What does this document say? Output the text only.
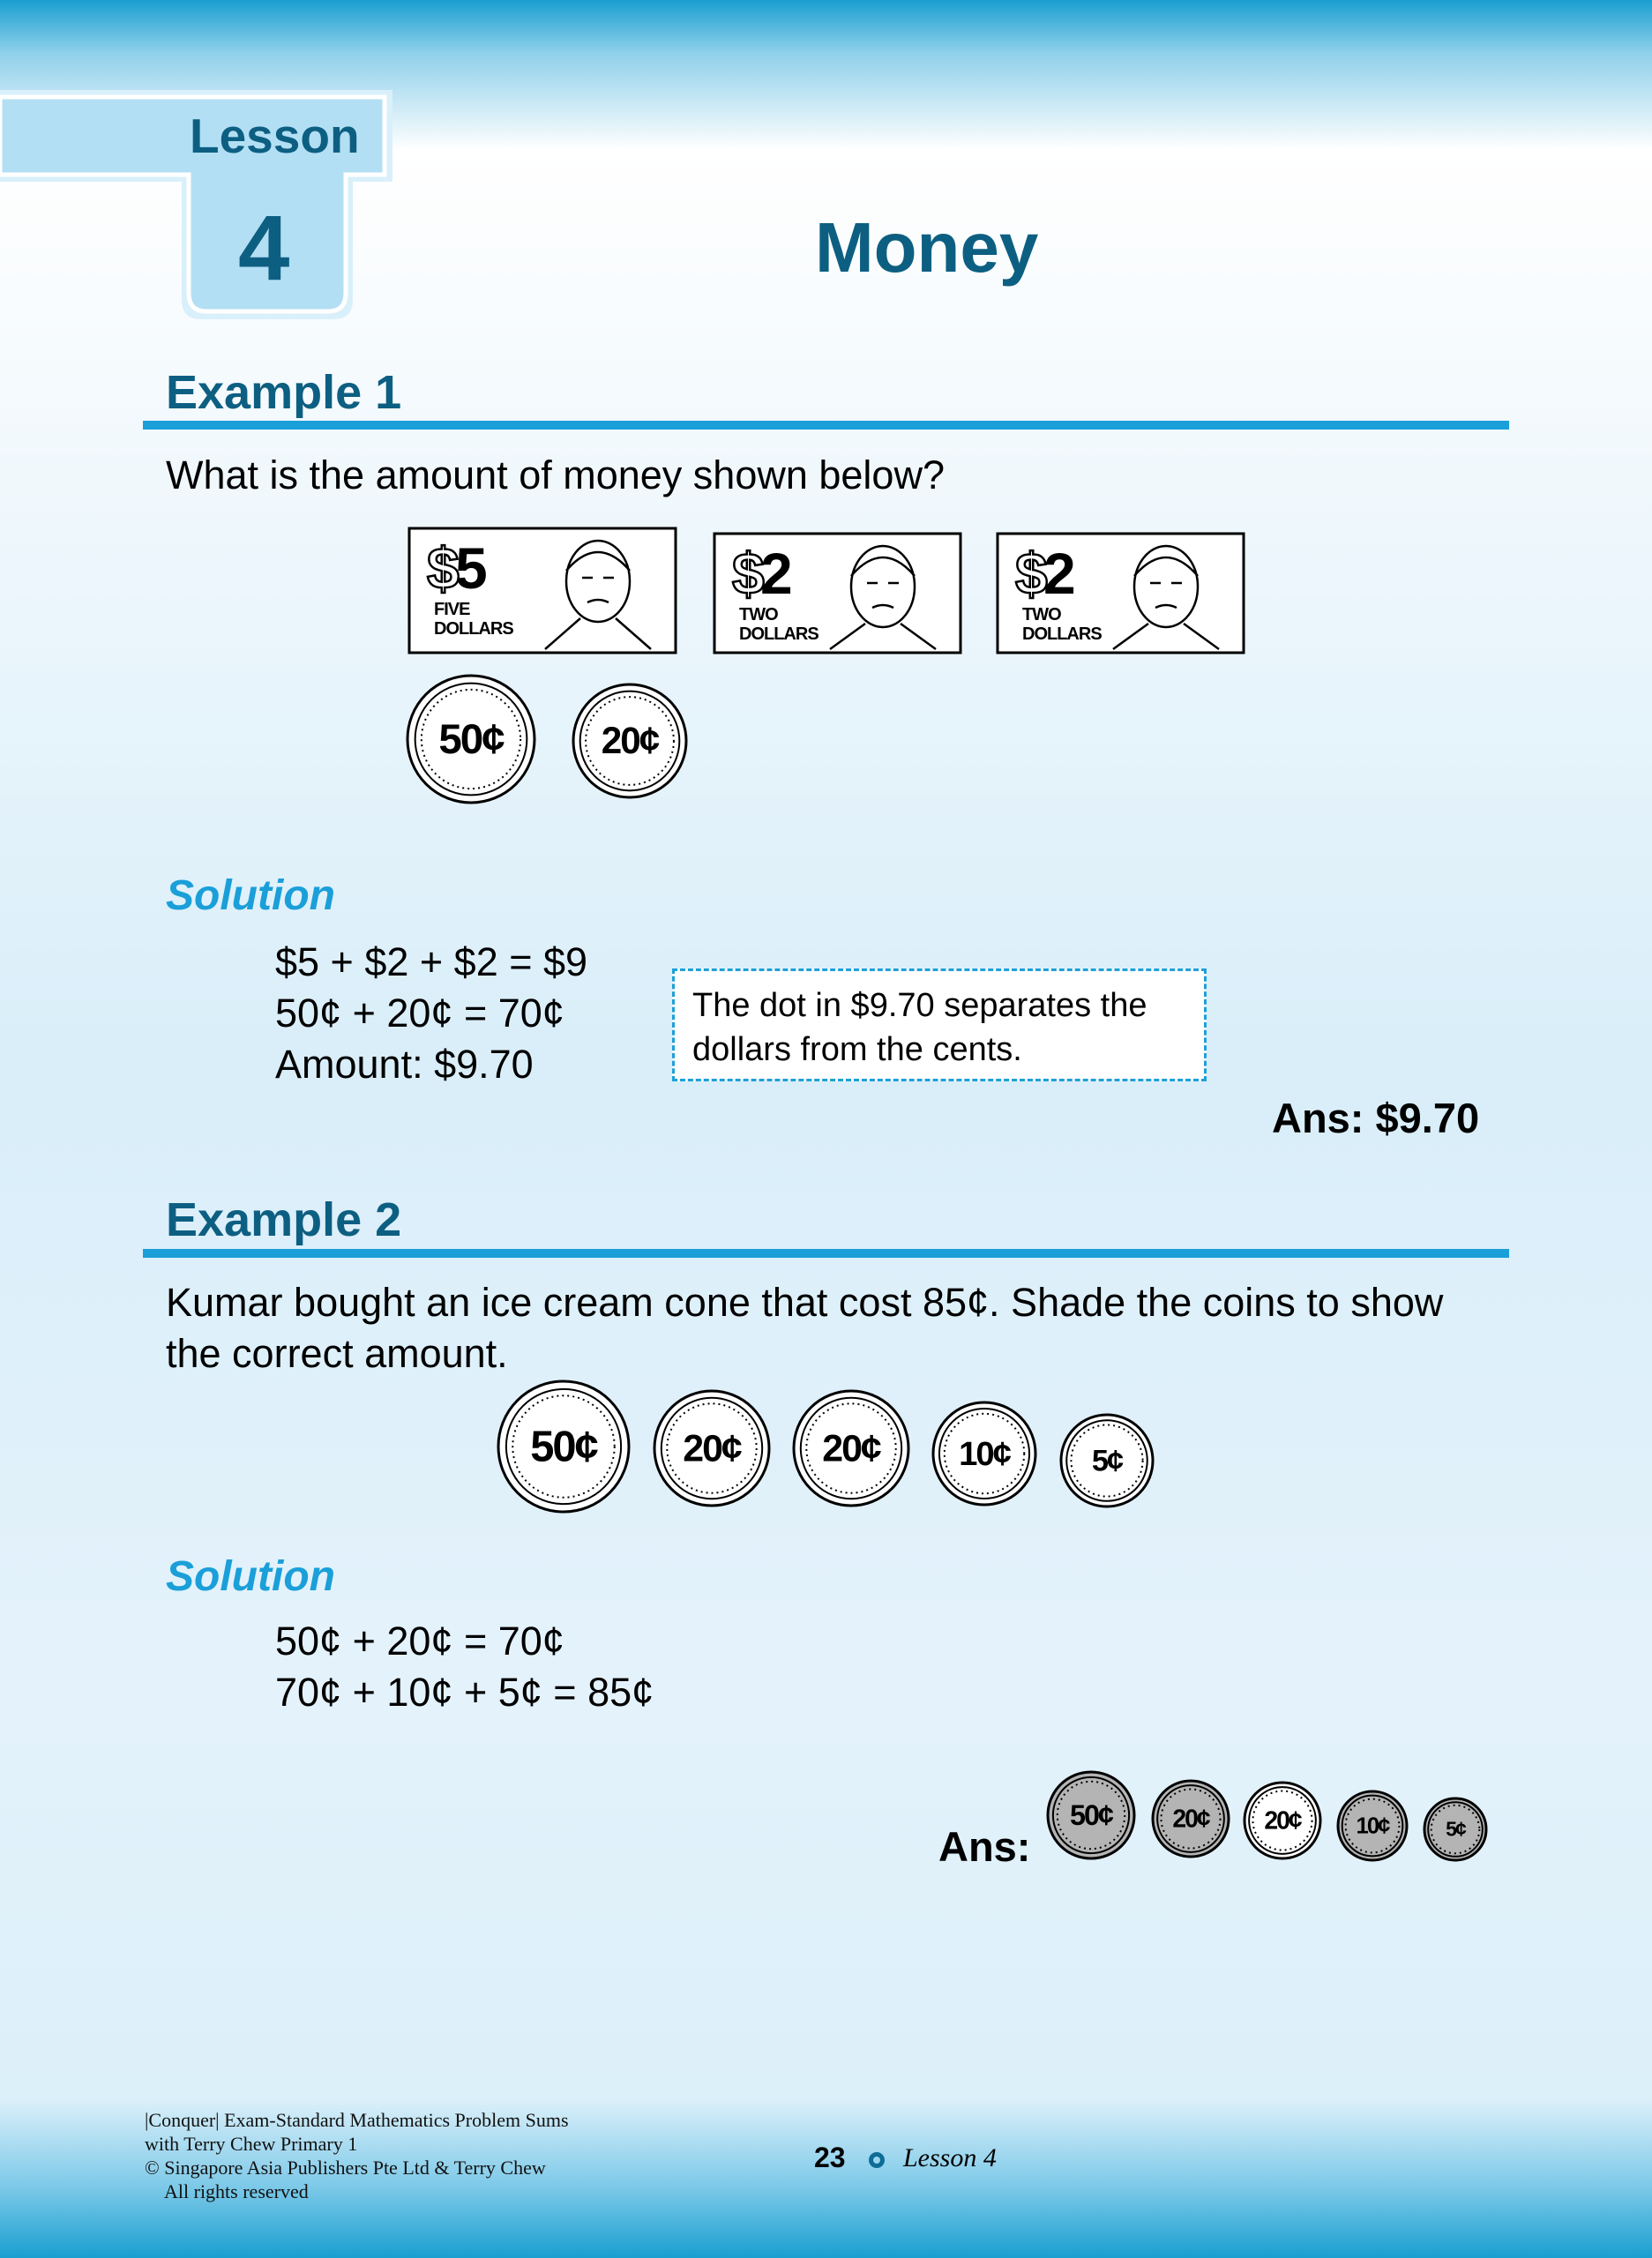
Lesson
4	Money
Example 1
What is the amount of money shown below?
$
5
FIVE
DOLLARS
$
2
TWO
DOLLARS
$
2
TWO
DOLLARS
50¢	20¢
Solution
$5 + $2 + $2 = $9
50¢ + 20¢ = 70¢
Amount: $9.70
The dot in $9.70 separates the dollars from the cents.
Ans: $9.70
Example 2
Kumar bought an ice cream cone that cost 85¢. Shade the coins to show
the correct amount.
50¢ 20¢ 20¢ 10¢	5¢
Solution
50¢ + 20¢ = 70¢
70¢ + 10¢ + 5¢ = 85¢
Ans:
50¢ 20¢ 20¢ 10¢	5¢
|Conquer| Exam-Standard Mathematics Problem Sums
with Terry Chew Primary 1
© Singapore Asia Publishers Pte Ltd & Terry Chew
All rights reserved
23 Lesson 4
